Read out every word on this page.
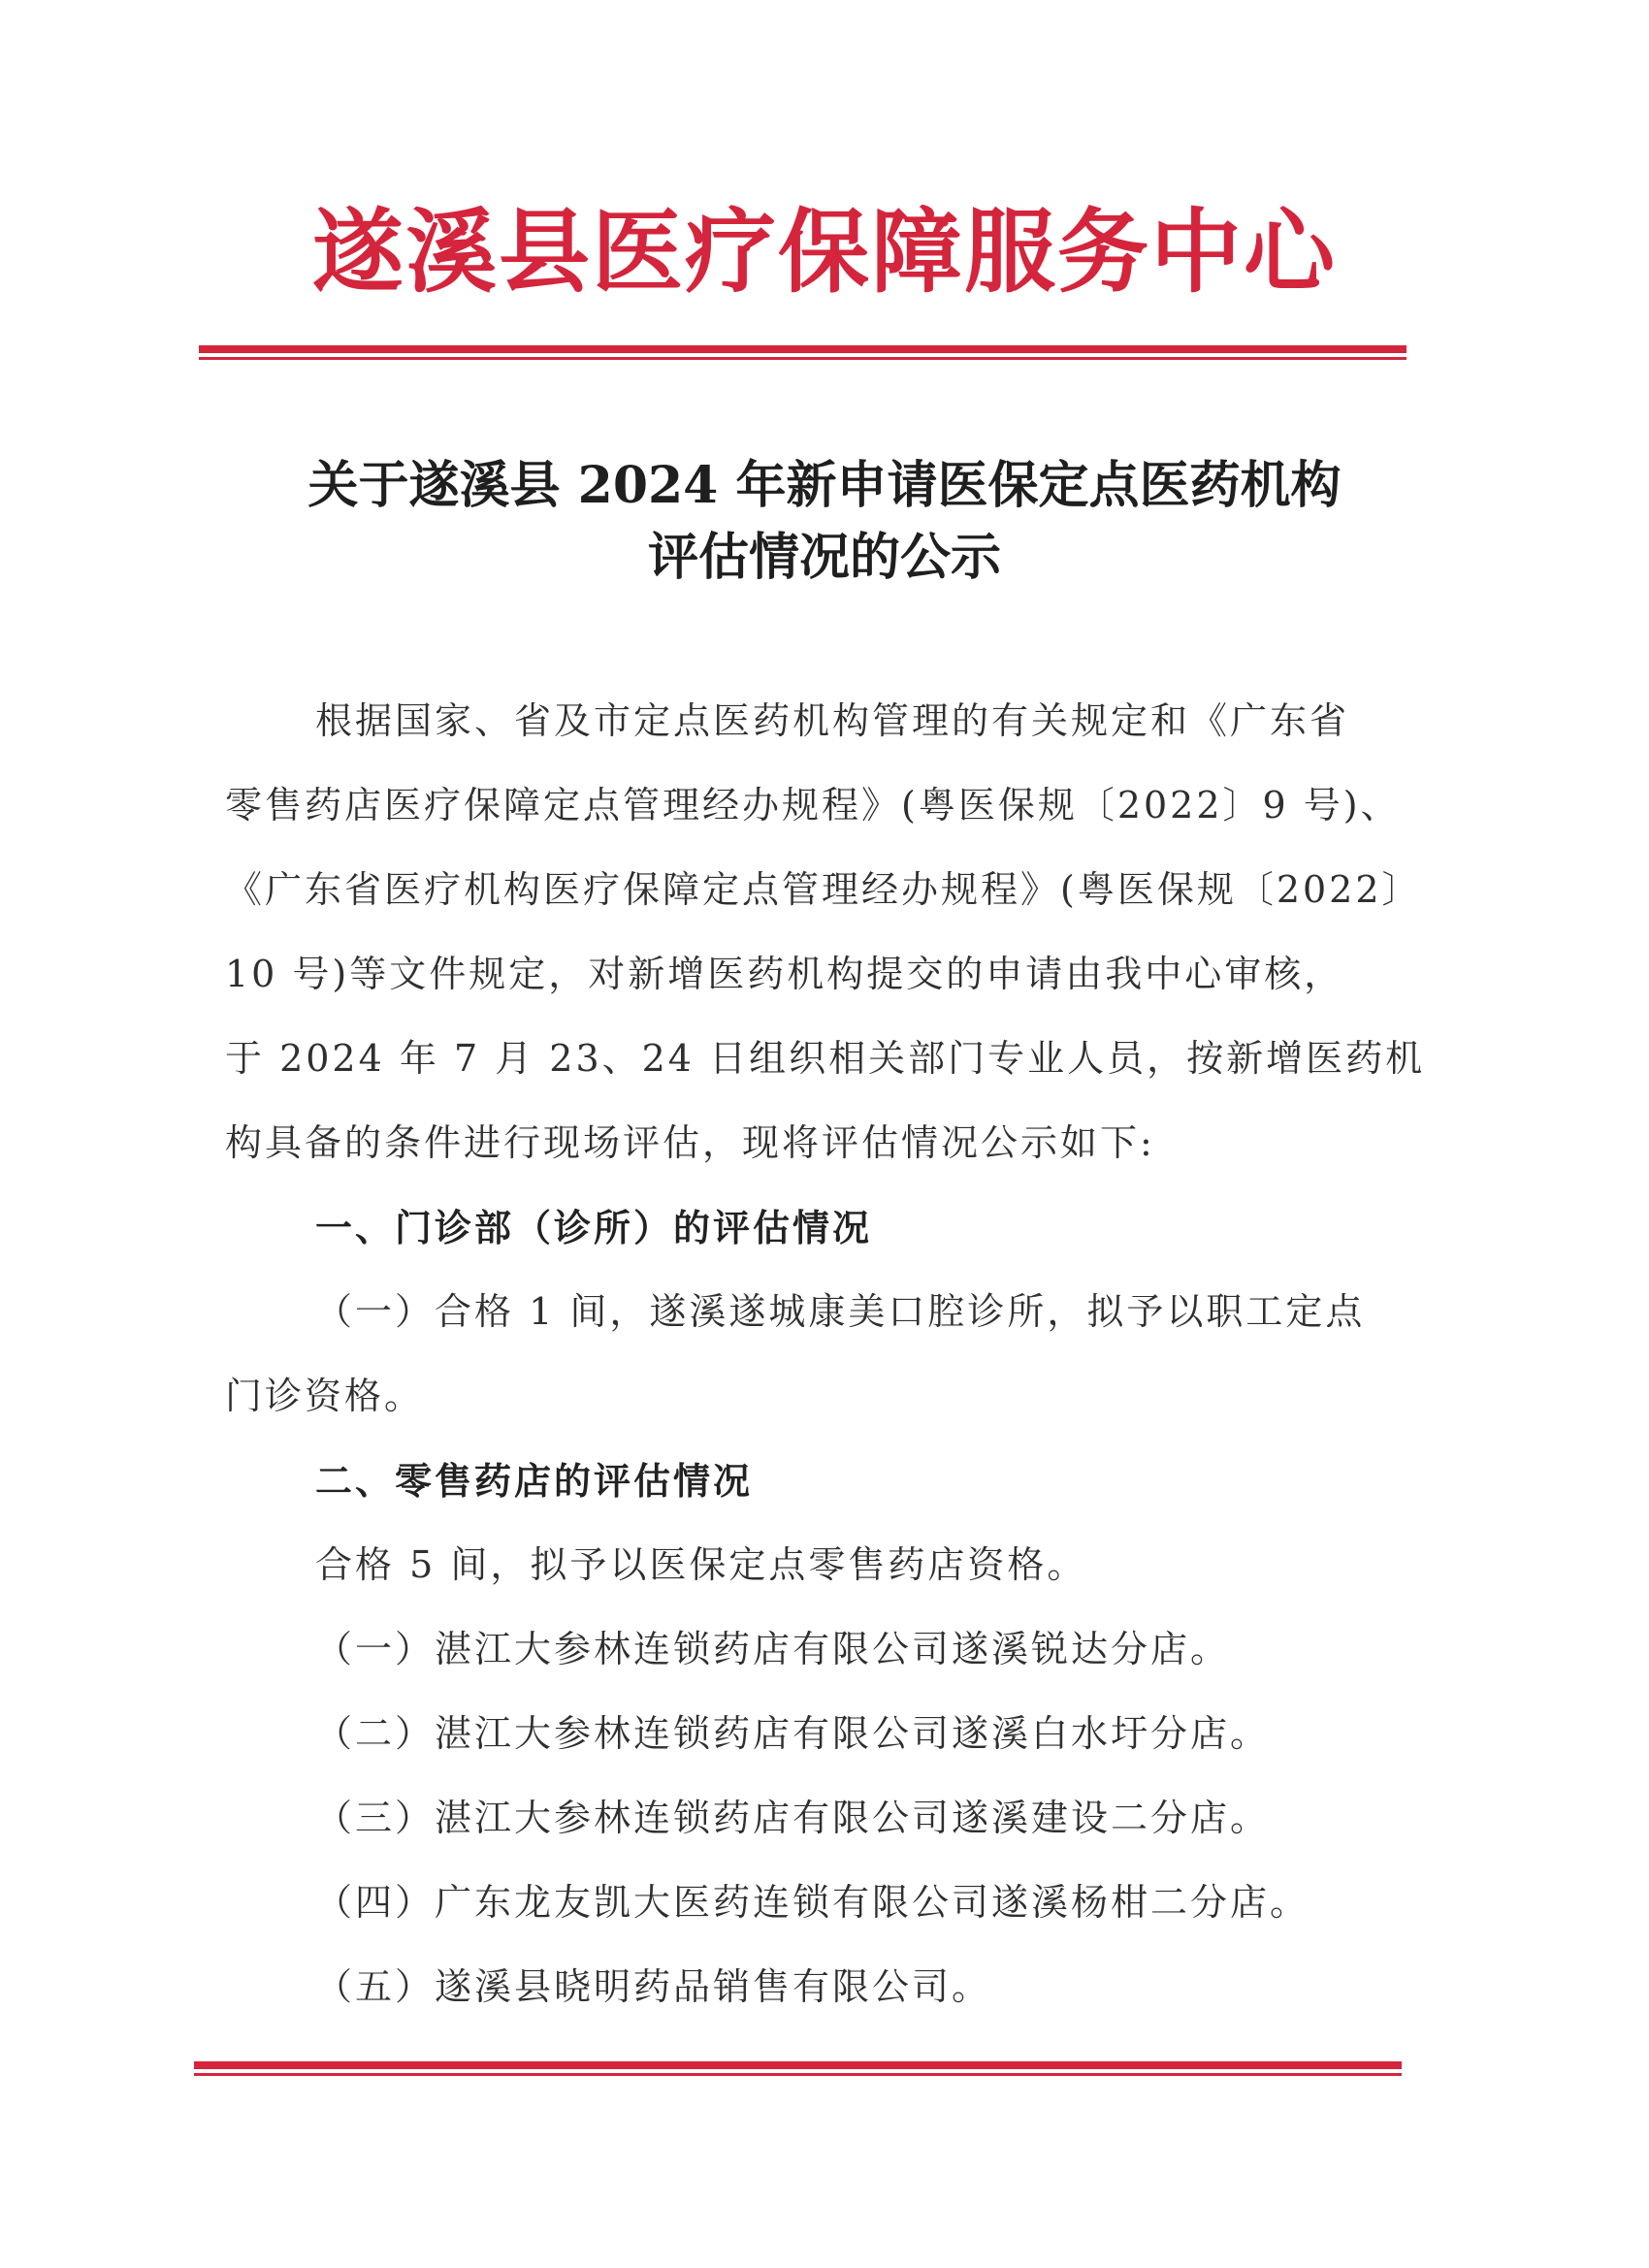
遂溪县医疗保障服务中心
关于遂溪县 2024 年新申请医保定点医药机构
评估情况的公示
根据国家、省及市定点医药机构管理的有关规定和《广东省
零售药店医疗保障定点管理经办规程》(粤医保规〔2022〕9 号)、
《广东省医疗机构医疗保障定点管理经办规程》(粤医保规〔2022〕
10 号)等文件规定，对新增医药机构提交的申请由我中心审核，
于 2024 年 7 月 23、24 日组织相关部门专业人员，按新增医药机
构具备的条件进行现场评估，现将评估情况公示如下:
一、门诊部（诊所）的评估情况
（一）合格 1 间，遂溪遂城康美口腔诊所，拟予以职工定点
门诊资格。
二、零售药店的评估情况
合格 5 间，拟予以医保定点零售药店资格。
（一）湛江大参林连锁药店有限公司遂溪锐达分店。
（二）湛江大参林连锁药店有限公司遂溪白水圩分店。
（三）湛江大参林连锁药店有限公司遂溪建设二分店。
（四）广东龙友凯大医药连锁有限公司遂溪杨柑二分店。
（五）遂溪县晓明药品销售有限公司。
